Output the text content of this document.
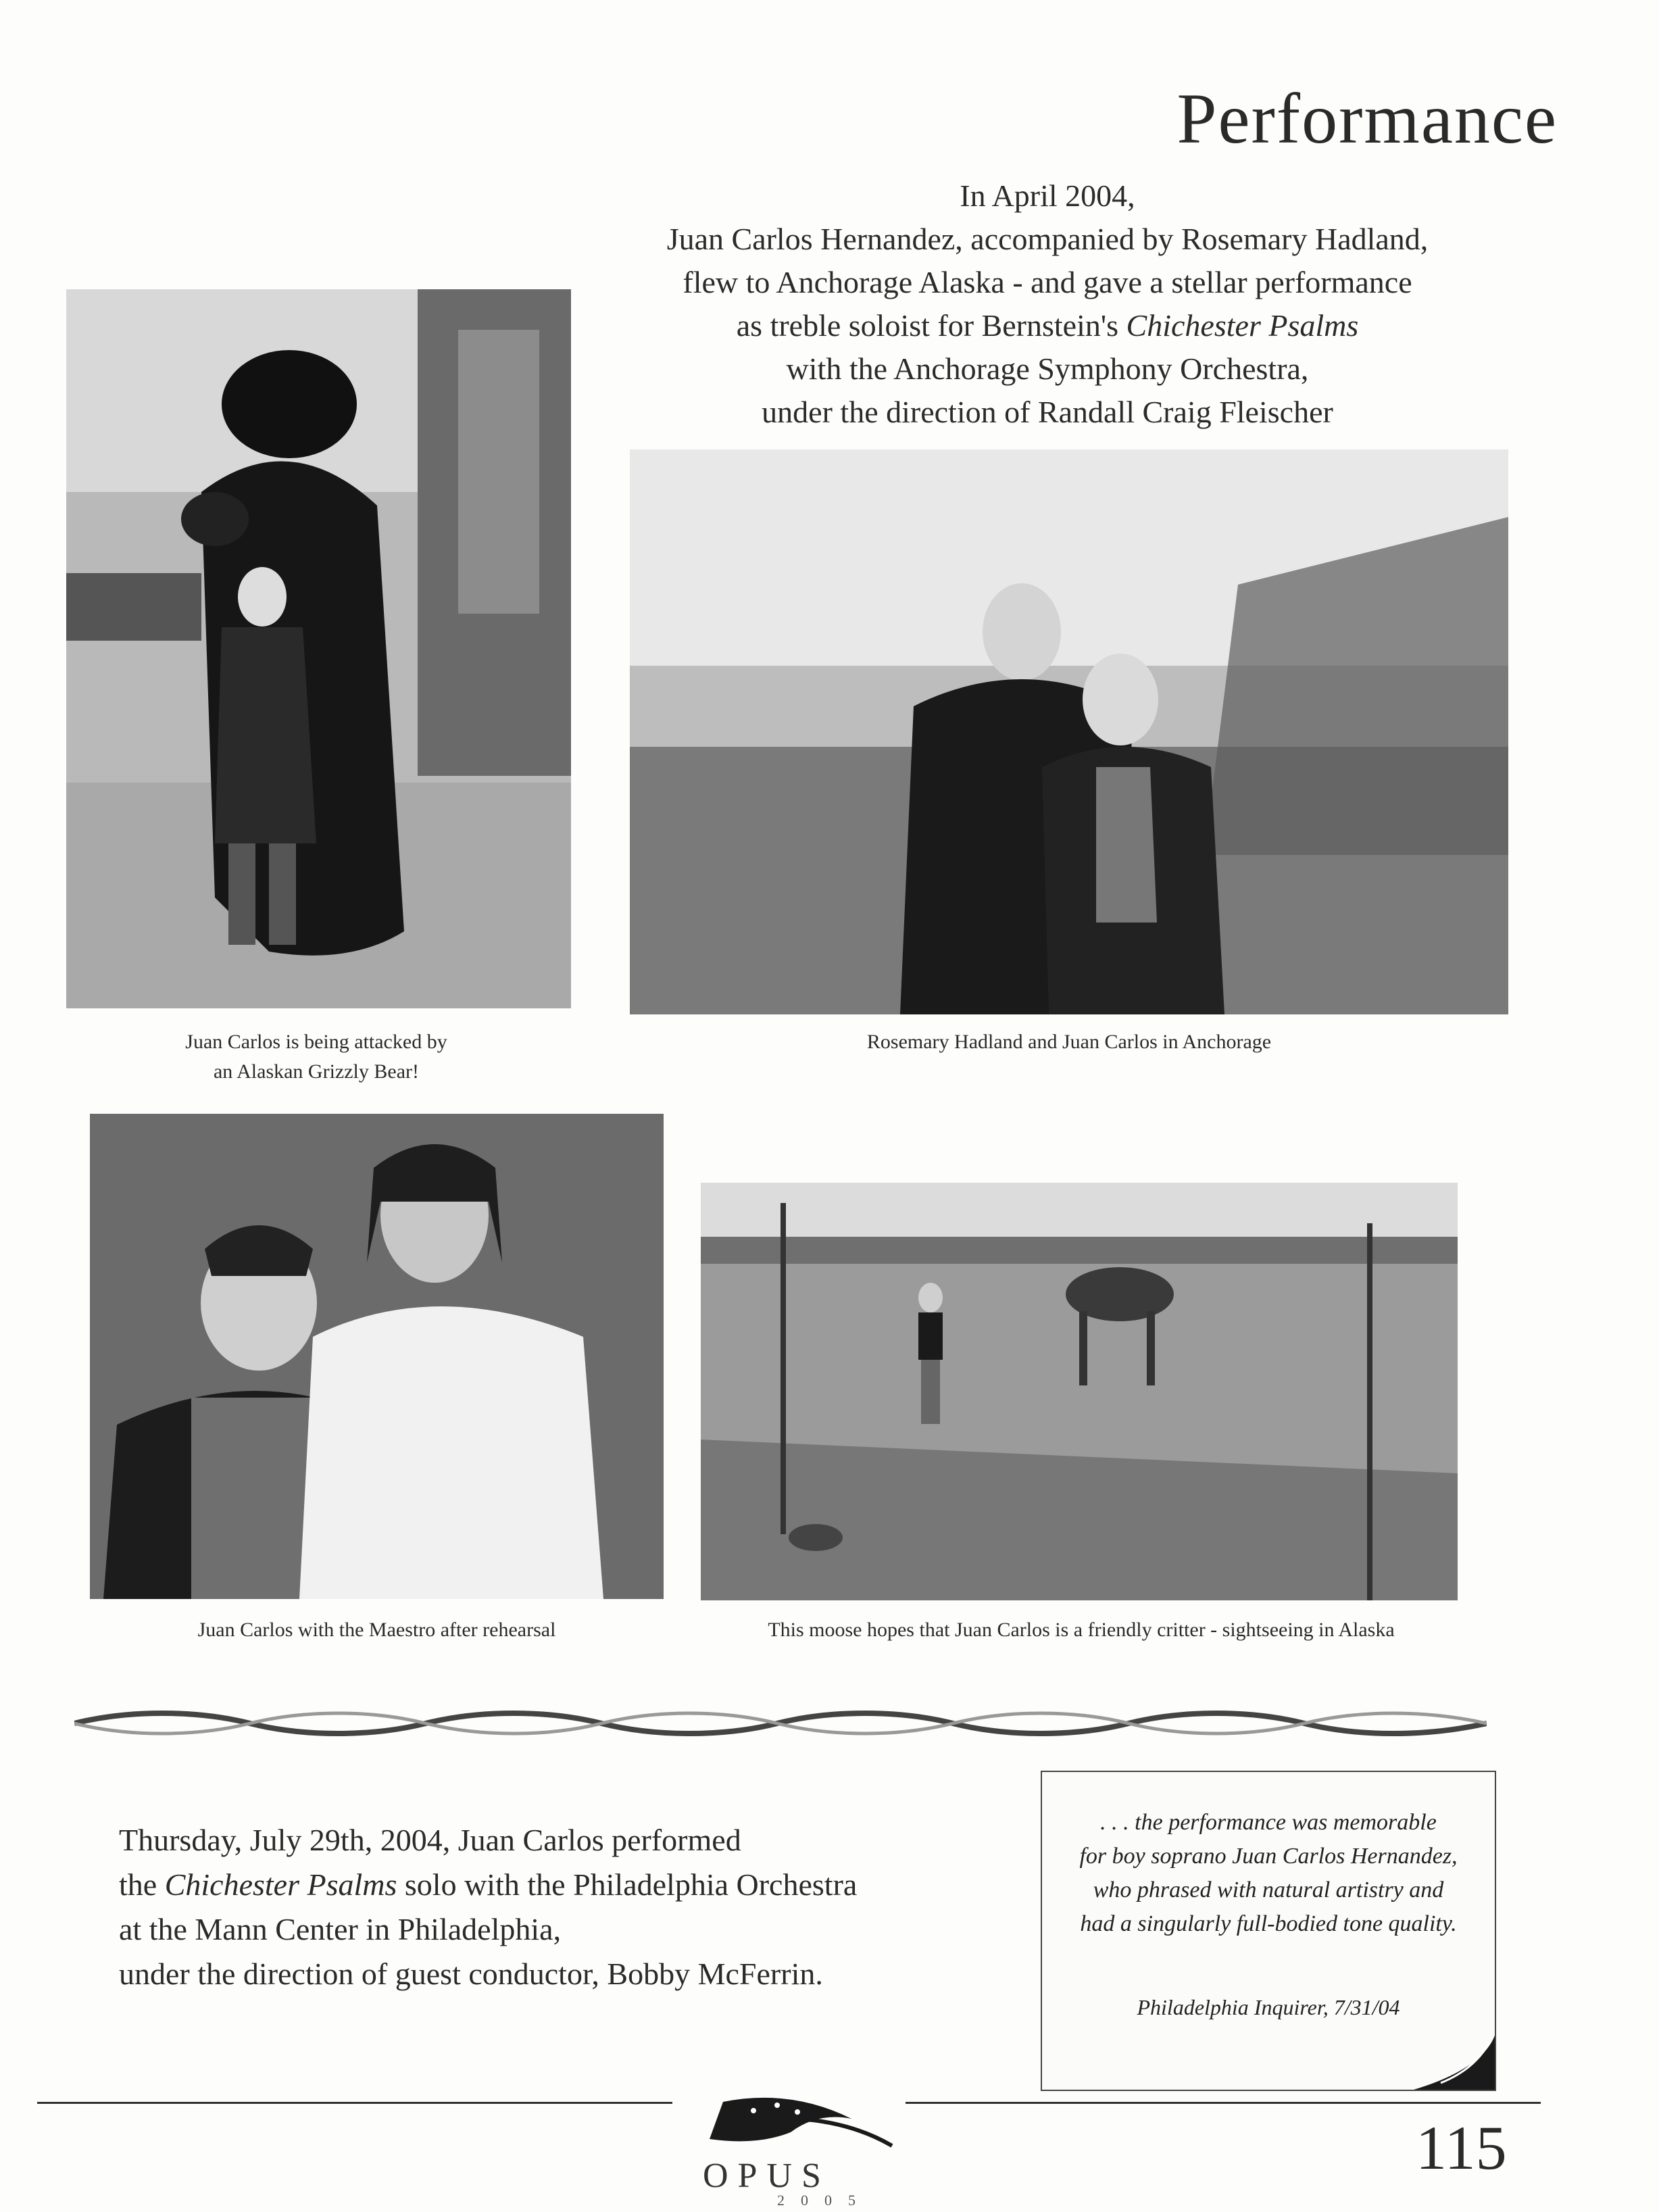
Performance
In April 2004,
Juan Carlos Hernandez, accompanied by Rosemary Hadland,
flew to Anchorage Alaska - and gave a stellar performance
as treble soloist for Bernstein's Chichester Psalms
with the Anchorage Symphony Orchestra,
under the direction of Randall Craig Fleischer
Juan Carlos is being attacked by
an Alaskan Grizzly Bear!
Rosemary Hadland and Juan Carlos in Anchorage
Juan Carlos with the Maestro after rehearsal	This moose hopes that Juan Carlos is a friendly critter - sightseeing in Alaska
Thursday, July 29th, 2004, Juan Carlos performed
the Chichester Psalms solo with the Philadelphia Orchestra
at the Mann Center in Philadelphia,
under the direction of guest conductor, Bobby McFerrin.
. . . the performance was memorable
for boy soprano Juan Carlos Hernandez,
who phrased with natural artistry and
had a singularly full-bodied tone quality.
Philadelphia Inquirer, 7/31/04
OPUS
2005
115
